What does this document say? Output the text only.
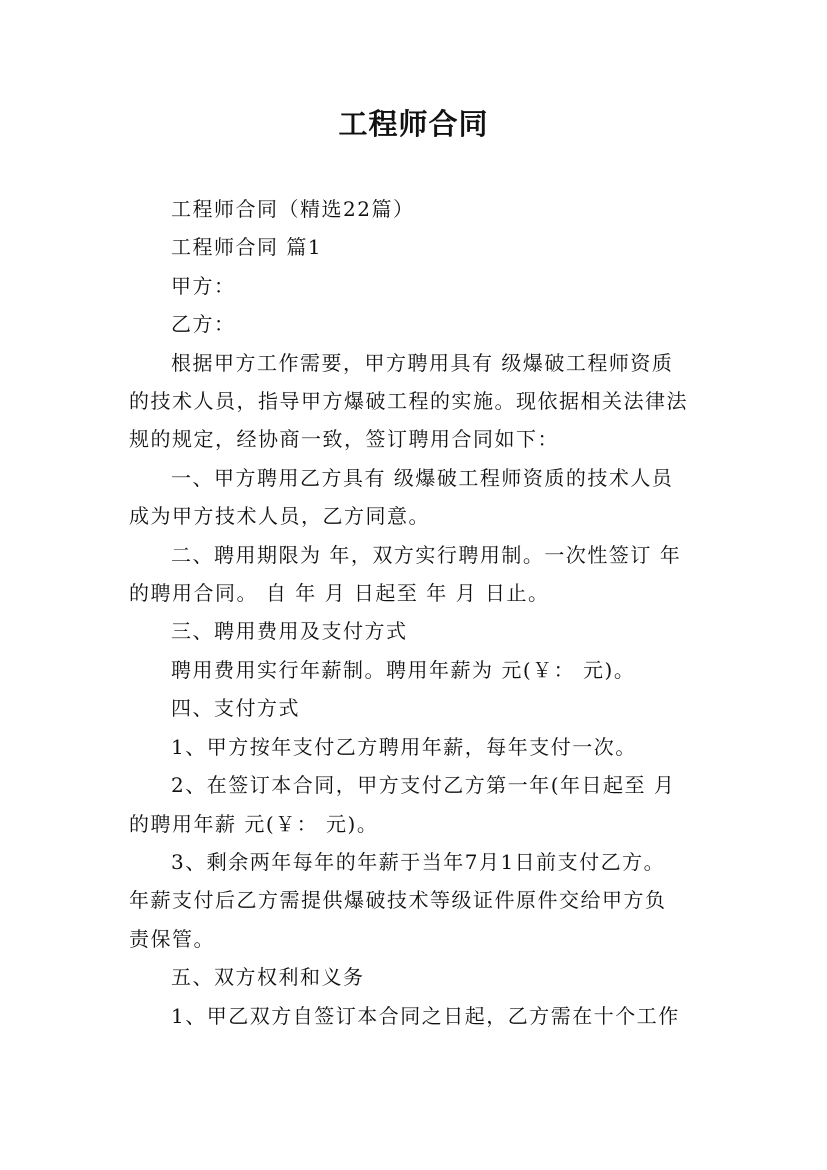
工程师合同

工程师合同（精选22篇）

工程师合同 篇1

甲方：

乙方：

根据甲方工作需要，甲方聘用具有 级爆破工程师资质
的技术人员，指导甲方爆破工程的实施。现依据相关法律法
规的规定，经协商一致，签订聘用合同如下：

一、甲方聘用乙方具有 级爆破工程师资质的技术人员
成为甲方技术人员，乙方同意。

二、聘用期限为 年，双方实行聘用制。一次性签订 年
的聘用合同。 自 年 月 日起至 年 月 日止。

三、聘用费用及支付方式

聘用费用实行年薪制。聘用年薪为 元(￥： 元)。

四、支付方式

1、甲方按年支付乙方聘用年薪，每年支付一次。

2、在签订本合同，甲方支付乙方第一年(年日起至 月
的聘用年薪 元(￥： 元)。

3、剩余两年每年的年薪于当年7月1日前支付乙方。
年薪支付后乙方需提供爆破技术等级证件原件交给甲方负
责保管。

五、双方权利和义务

1、甲乙双方自签订本合同之日起，乙方需在十个工作
